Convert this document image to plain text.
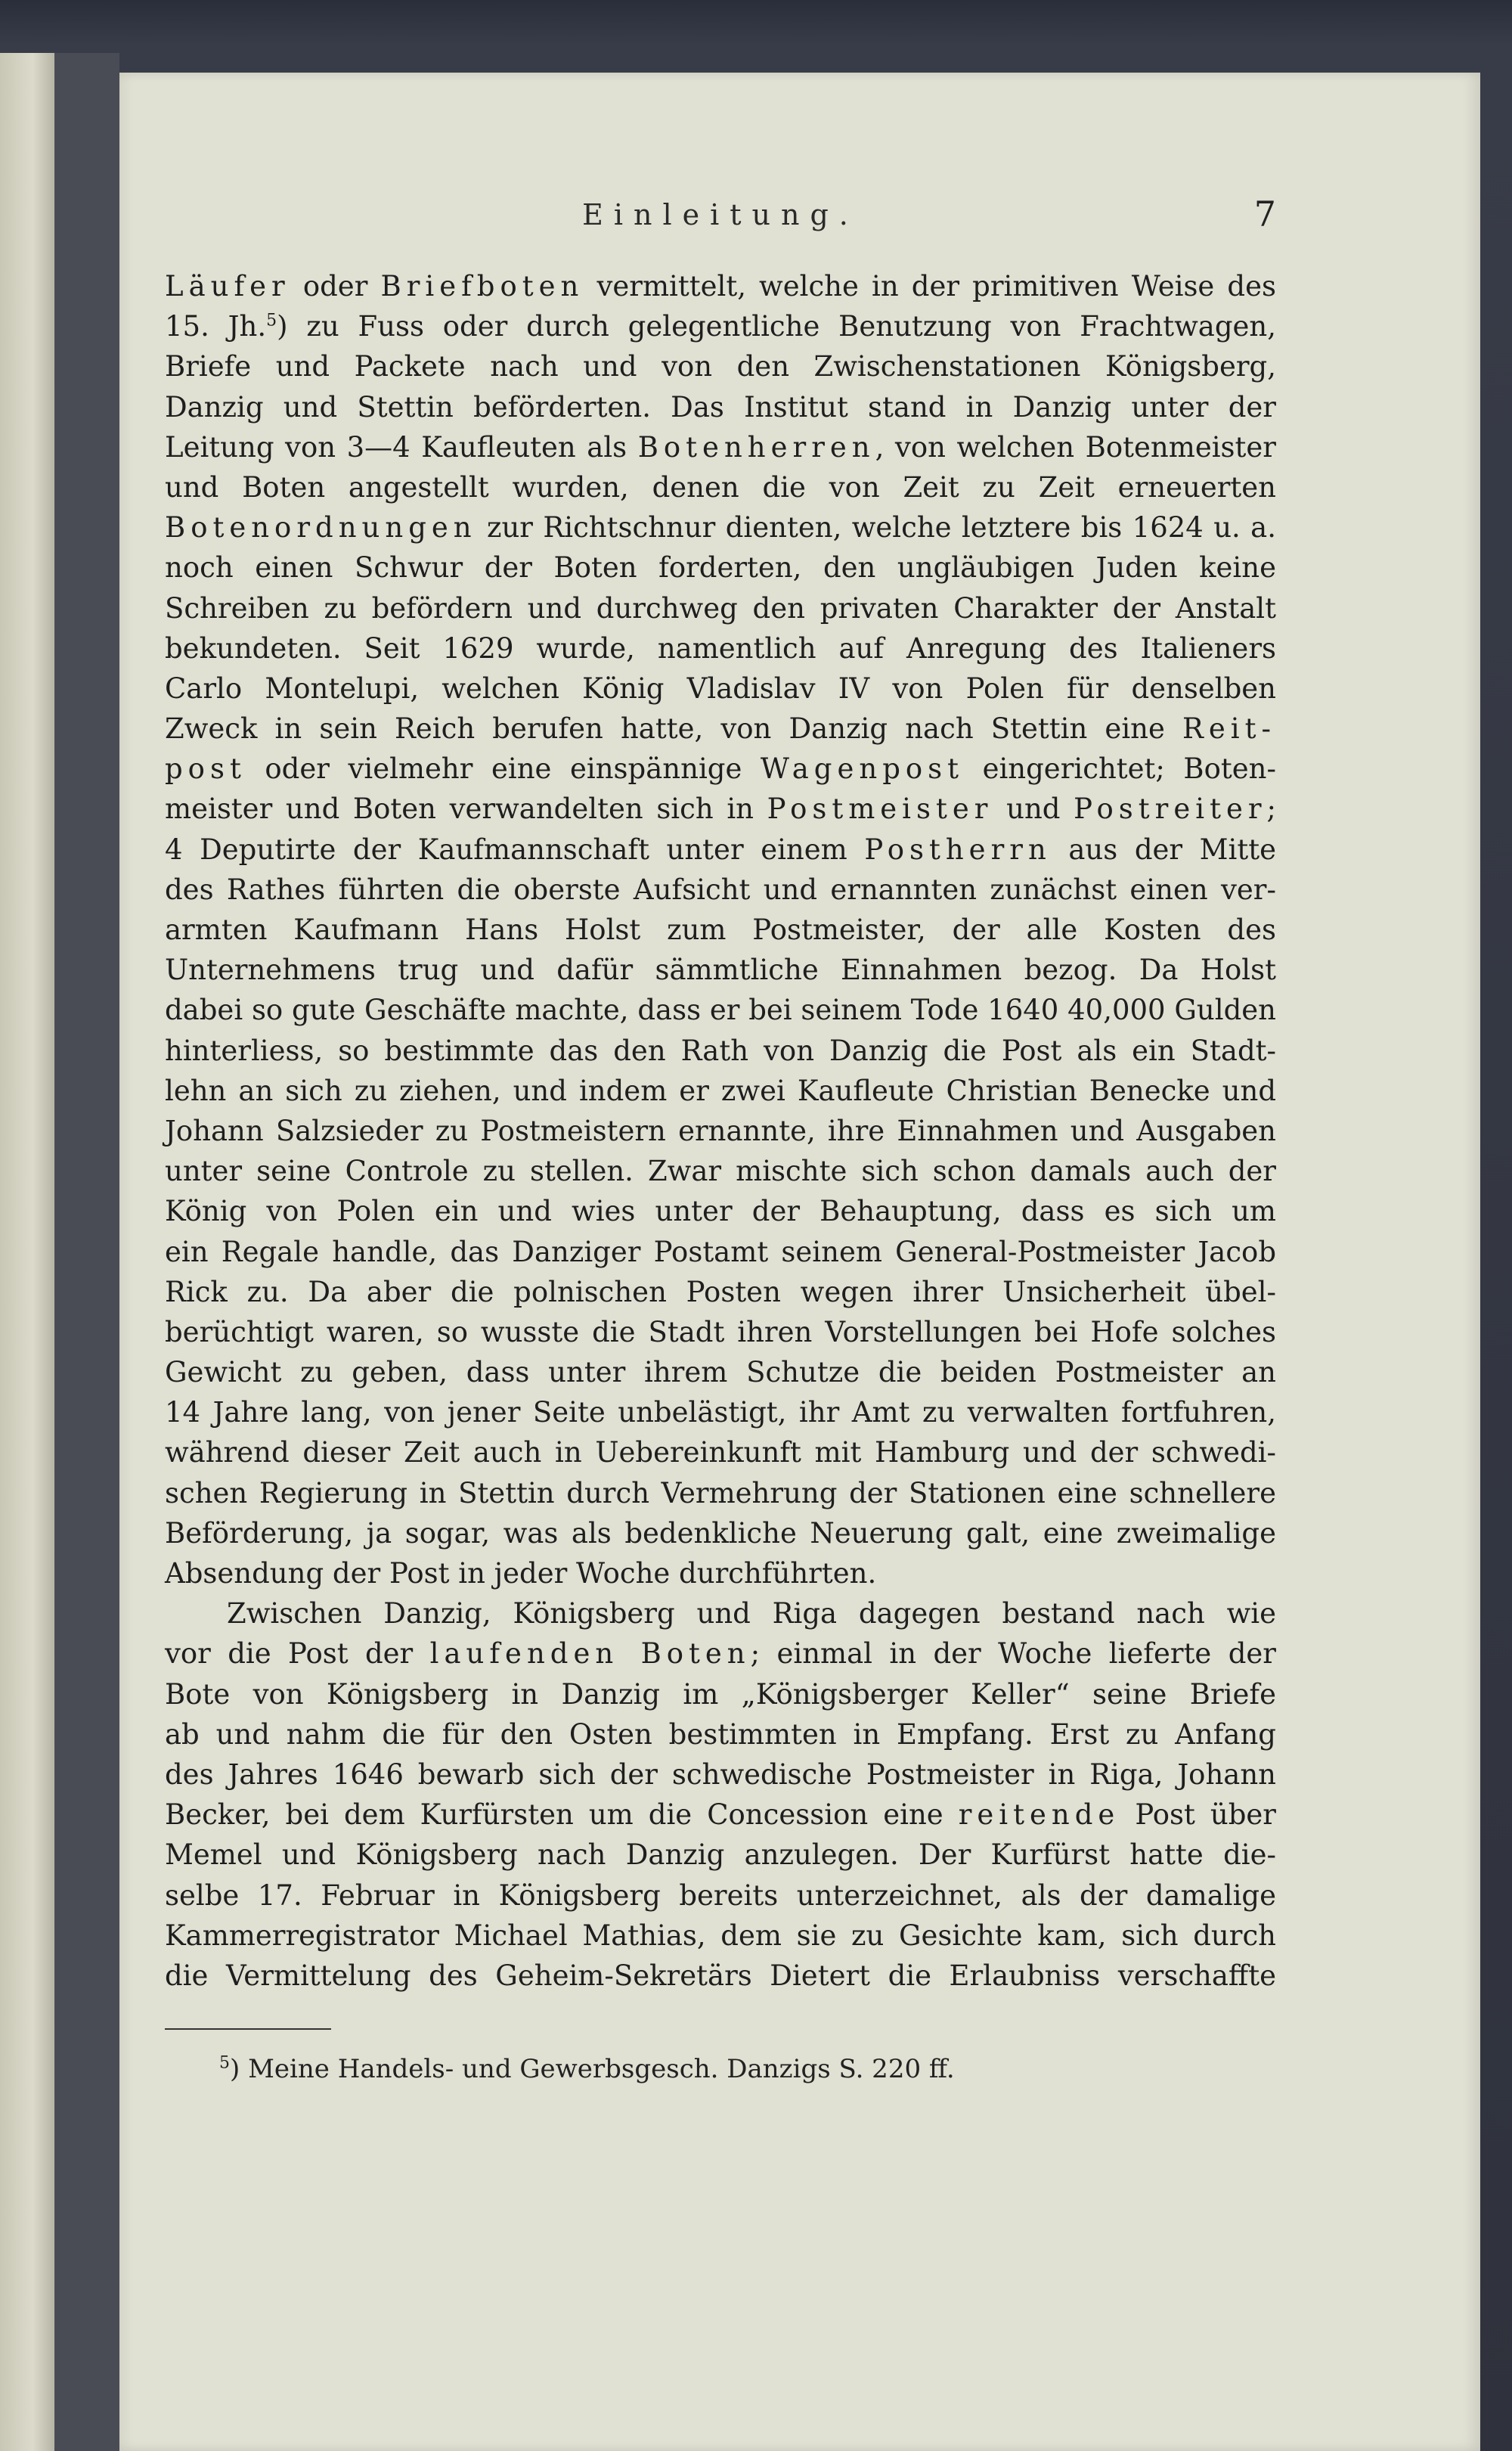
Einleitung.	7
Läufer oder Briefboten vermittelt, welche in der primitiven Weise des
15. Jh.$^5$) zu Fuss oder durch gelegentliche Benutzung von Frachtwagen,
Briefe und Packete nach und von den Zwischenstationen Königsberg,
Danzig und Stettin beförderten. Das Institut stand in Danzig unter der
Leitung von 3—4 Kaufleuten als Botenherren, von welchen Botenmeister
und Boten angestellt wurden, denen die von Zeit zu Zeit erneuerten
Botenordnungen zur Richtschnur dienten, welche letztere bis 1624 u. a.
noch einen Schwur der Boten forderten, den ungläubigen Juden keine
Schreiben zu befördern und durchweg den privaten Charakter der Anstalt
bekundeten. Seit 1629 wurde, namentlich auf Anregung des Italieners
Carlo Montelupi, welchen König Vladislav IV von Polen für denselben
Zweck in sein Reich berufen hatte, von Danzig nach Stettin eine Reit-
post oder vielmehr eine einspännige Wagenpost eingerichtet; Boten-
meister und Boten verwandelten sich in Postmeister und Postreiter;
4 Deputirte der Kaufmannschaft unter einem Postherrn aus der Mitte
des Rathes führten die oberste Aufsicht und ernannten zunächst einen ver-
armten Kaufmann Hans Holst zum Postmeister, der alle Kosten des
Unternehmens trug und dafür sämmtliche Einnahmen bezog. Da Holst
dabei so gute Geschäfte machte, dass er bei seinem Tode 1640 40,000 Gulden
hinterliess, so bestimmte das den Rath von Danzig die Post als ein Stadt-
lehn an sich zu ziehen, und indem er zwei Kaufleute Christian Benecke und
Johann Salzsieder zu Postmeistern ernannte, ihre Einnahmen und Ausgaben
unter seine Controle zu stellen. Zwar mischte sich schon damals auch der
König von Polen ein und wies unter der Behauptung, dass es sich um
ein Regale handle, das Danziger Postamt seinem General-Postmeister Jacob
Rick zu. Da aber die polnischen Posten wegen ihrer Unsicherheit übel-
berüchtigt waren, so wusste die Stadt ihren Vorstellungen bei Hofe solches
Gewicht zu geben, dass unter ihrem Schutze die beiden Postmeister an
14 Jahre lang, von jener Seite unbelästigt, ihr Amt zu verwalten fortfuhren,
während dieser Zeit auch in Uebereinkunft mit Hamburg und der schwedi-
schen Regierung in Stettin durch Vermehrung der Stationen eine schnellere
Beförderung, ja sogar, was als bedenkliche Neuerung galt, eine zweimalige
Absendung der Post in jeder Woche durchführten.
Zwischen Danzig, Königsberg und Riga dagegen bestand nach wie
vor die Post der laufenden Boten; einmal in der Woche lieferte der
Bote von Königsberg in Danzig im „Königsberger Keller“ seine Briefe
ab und nahm die für den Osten bestimmten in Empfang. Erst zu Anfang
des Jahres 1646 bewarb sich der schwedische Postmeister in Riga, Johann
Becker, bei dem Kurfürsten um die Concession eine reitende Post über
Memel und Königsberg nach Danzig anzulegen. Der Kurfürst hatte die-
selbe 17. Februar in Königsberg bereits unterzeichnet, als der damalige
Kammerregistrator Michael Mathias, dem sie zu Gesichte kam, sich durch
die Vermittelung des Geheim-Sekretärs Dietert die Erlaubniss verschaffte
$^5$) Meine Handels- und Gewerbsgesch. Danzigs S. 220 ff.
